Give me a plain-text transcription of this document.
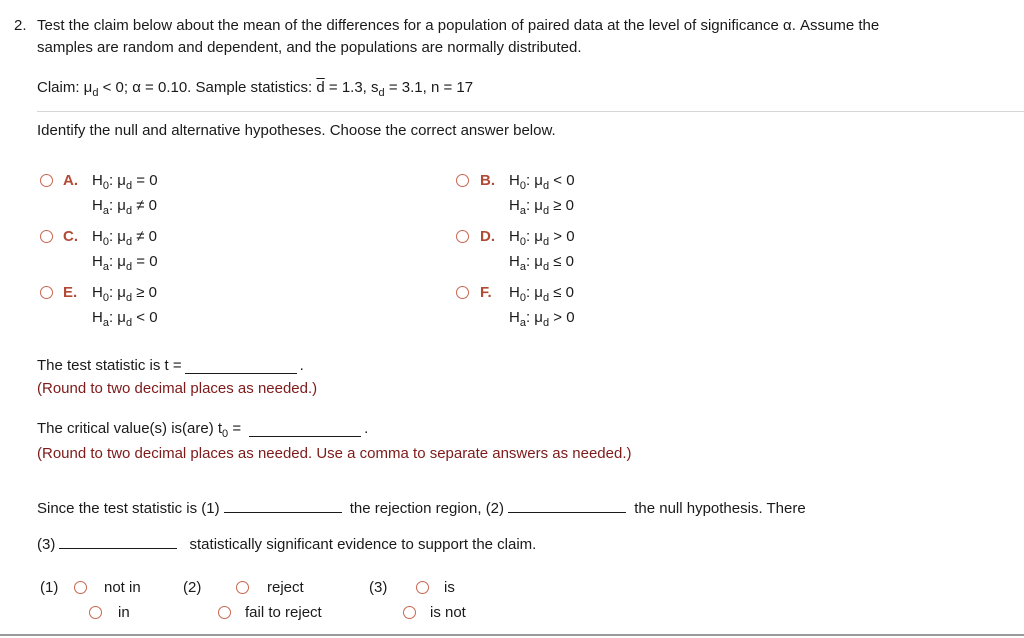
2. Test the claim below about the mean of the differences for a population of paired data at the level of significance α. Assume the
samples are random and dependent, and the populations are normally distributed.
Claim: $\mu_d < 0$; α = 0.10. Sample statistics: $\overline{d} = 1.3$, $s_d = 3.1$, n = 17
Identify the null and alternative hypotheses. Choose the correct answer below.
A. $H_0$: $\mu_d = 0$
$H_a$: $\mu_d \ne 0$
B. $H_0$: $\mu_d < 0$
$H_a$: $\mu_d \ge 0$
C. $H_0$: $\mu_d \ne 0$
$H_a$: $\mu_d = 0$
D. $H_0$: $\mu_d > 0$
$H_a$: $\mu_d \le 0$
E. $H_0$: $\mu_d \ge 0$
$H_a$: $\mu_d < 0$
F. $H_0$: $\mu_d \le 0$
$H_a$: $\mu_d > 0$
The test statistic is t =	.
(Round to two decimal places as needed.)
The critical value(s) is(are) $t_0$ =	.
(Round to two decimal places as needed. Use a comma to separate answers as needed.)
Since the test statistic is (1)	the rejection region, (2)	the null hypothesis. There
(3)	statistically significant evidence to support the claim.
(1)	not in
in
(2)	reject
fail to reject
(3)	is
is not
